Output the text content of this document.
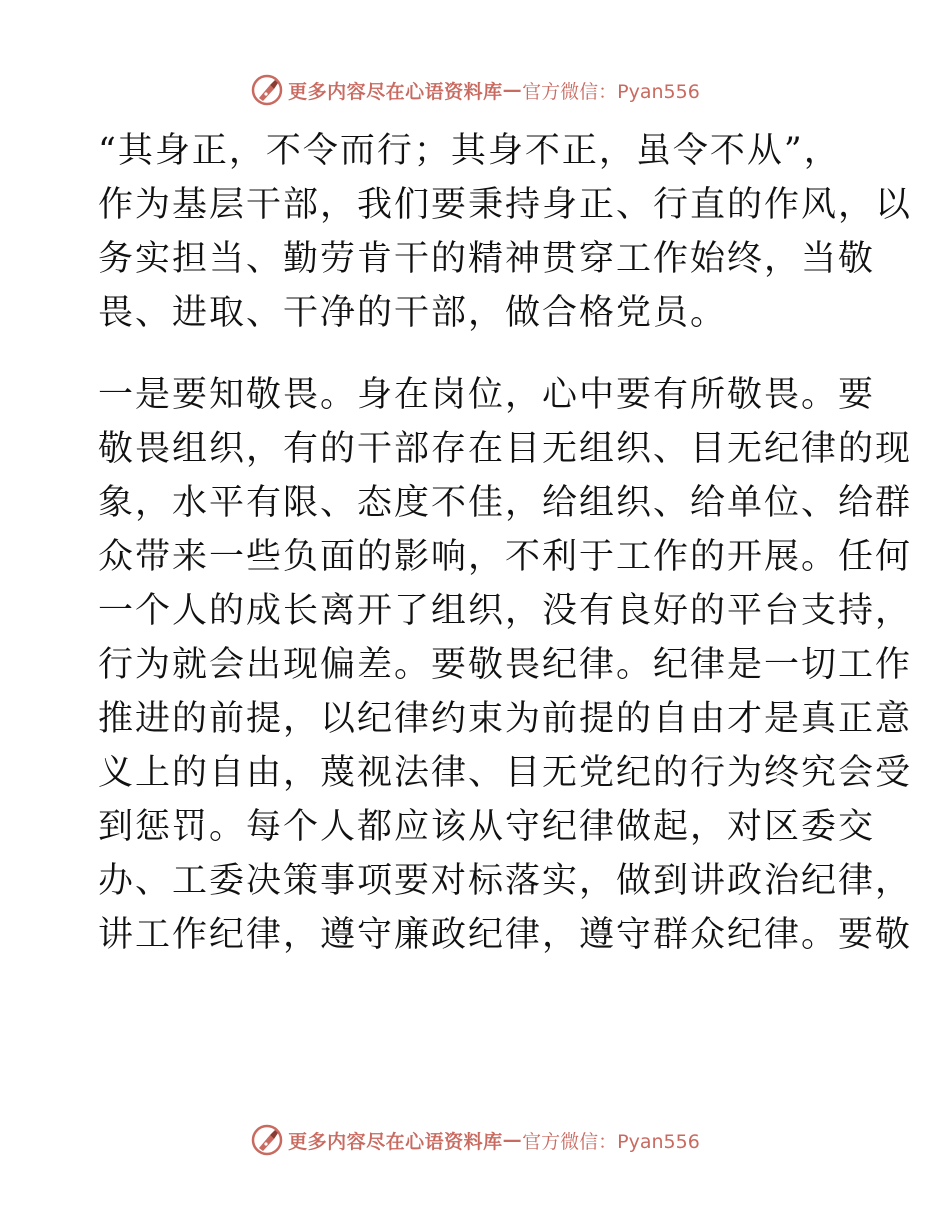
更多内容尽在心语资料库 — 官方微信：Pyan556
“其身正，不令而行；其身不正，虽令不从”，
作为基层干部，我们要秉持身正、行直的作风，以
务实担当、勤劳肯干的精神贯穿工作始终，当敬
畏、进取、干净的干部，做合格党员。
一是要知敬畏。身在岗位，心中要有所敬畏。要
敬畏组织，有的干部存在目无组织、目无纪律的现
象，水平有限、态度不佳，给组织、给单位、给群
众带来一些负面的影响，不利于工作的开展。任何
一个人的成长离开了组织，没有良好的平台支持，
行为就会出现偏差。要敬畏纪律。纪律是一切工作
推进的前提，以纪律约束为前提的自由才是真正意
义上的自由，蔑视法律、目无党纪的行为终究会受
到惩罚。每个人都应该从守纪律做起，对区委交
办、工委决策事项要对标落实，做到讲政治纪律，
讲工作纪律，遵守廉政纪律，遵守群众纪律。要敬
更多内容尽在心语资料库 — 官方微信：Pyan556
